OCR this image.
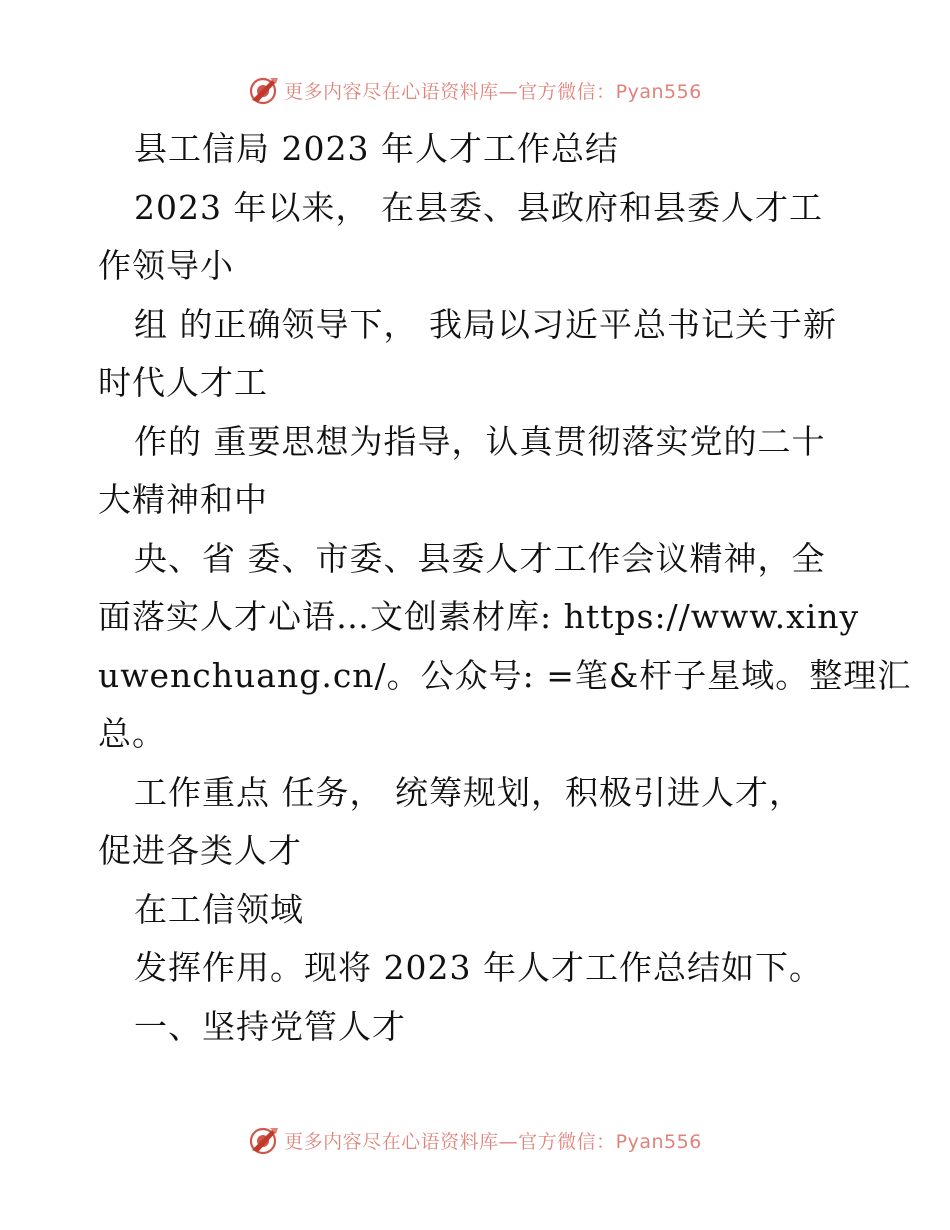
更多内容尽在心语资料库—官方微信：Pyan556
县工信局 2023 年人才工作总结
2023 年以来， 在县委、县政府和县委人才工
作领导小
组 的正确领导下， 我局以习近平总书记关于新
时代人才工
作的 重要思想为指导，认真贯彻落实党的二十
大精神和中
央、省 委、市委、县委人才工作会议精神，全
面落实人才心语…文创素材库: https://www.xiny
uwenchuang.cn/。公众号: =笔&杆子星域。整理汇
总。
工作重点 任务， 统筹规划，积极引进人才，
促进各类人才
在工信领域
发挥作用。现将 2023 年人才工作总结如下。
一、坚持党管人才
更多内容尽在心语资料库—官方微信：Pyan556
